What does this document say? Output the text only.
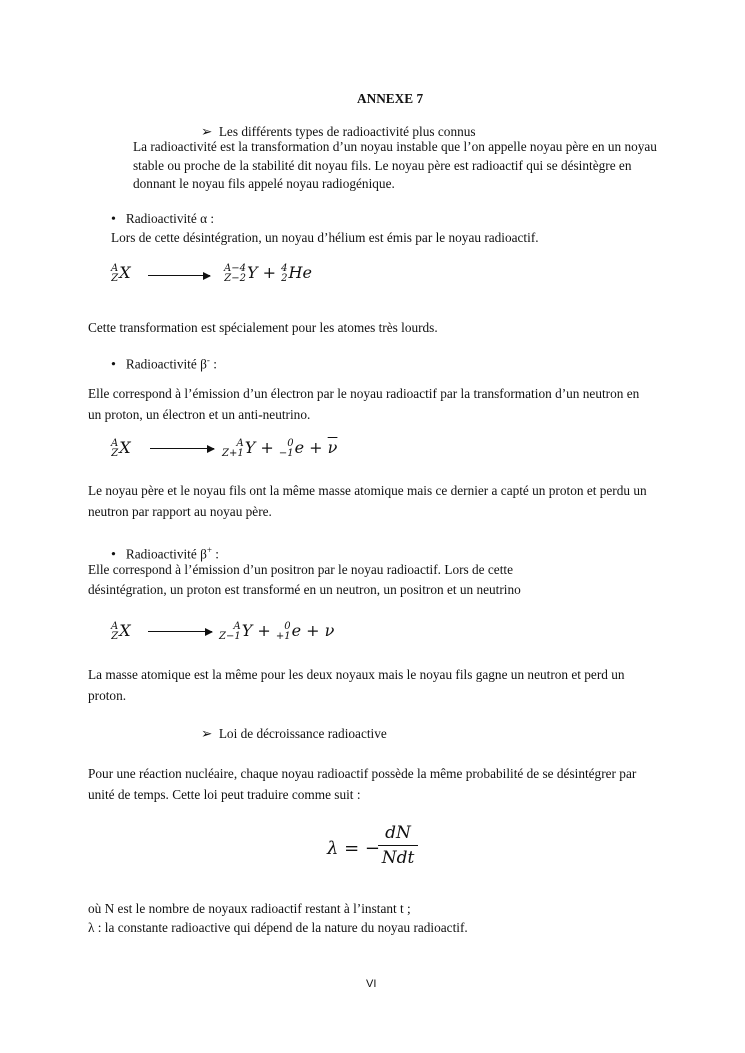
ANNEXE 7
➢ Les différents types de radioactivité plus connus
La radioactivité est la transformation d’un noyau instable que l’on appelle noyau père en un noyau stable ou proche de la stabilité dit noyau fils. Le noyau père est radioactif qui se désintègre en donnant le noyau fils appelé noyau radiogénique.
• Radioactivité α :
Lors de cette désintégration, un noyau d’hélium est émis par le noyau radioactif.
A
Z X →
A−4
Z−2 Y + 4
2 He
Cette transformation est spécialement pour les atomes très lourds.
• Radioactivité β- :
Elle correspond à l’émission d’un électron par le noyau radioactif par la transformation d’un neutron en un proton, un électron et un anti-neutrino.
A
Z X →	A
Z+1 Y +	0
−1 $e + \overline{\nu}$
Le noyau père et le noyau fils ont la même masse atomique mais ce dernier a capté un proton et perdu un neutron par rapport au noyau père.
• Radioactivité β+ :
Elle correspond à l’émission d’un positron par le noyau radioactif. Lors de cette
désintégration, un proton est transformé en un neutron, un positron et un neutrino
A
Z X →	A
Z−1 Y +	0
+1 e + ν
La masse atomique est la même pour les deux noyaux mais le noyau fils gagne un neutron et perd un proton.
➢ Loi de décroissance radioactive
Pour une réaction nucléaire, chaque noyau radioactif possède la même probabilité de se désintégrer par unité de temps. Cette loi peut traduire comme suit :
λ = −
dN
Ndt
où N est le nombre de noyaux radioactif restant à l’instant t ;
λ : la constante radioactive qui dépend de la nature du noyau radioactif.
VI
